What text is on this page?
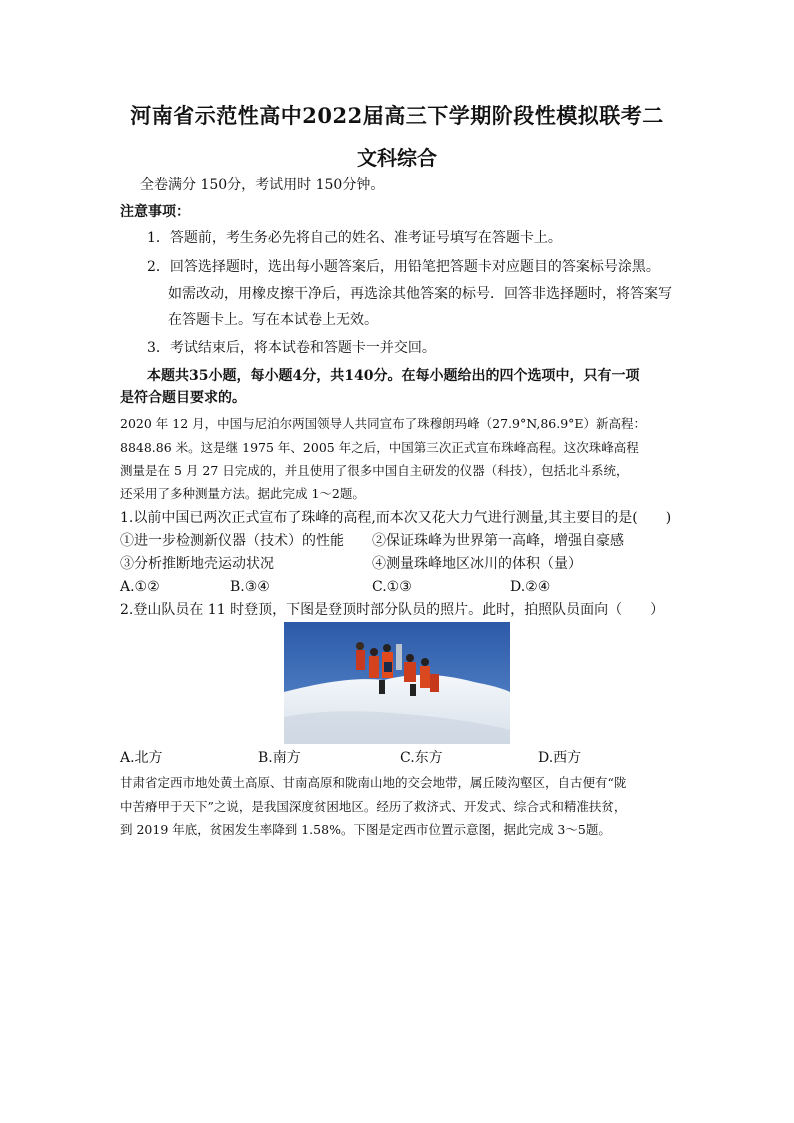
河南省示范性高中2022届高三下学期阶段性模拟联考二
文科综合
全卷满分 150分，考试用时 150分钟。
注意事项：
1．答题前，考生务必先将自己的姓名、准考证号填写在答题卡上。
2．回答选择题时，选出每小题答案后，用铅笔把答题卡对应题目的答案标号涂黑。
如需改动，用橡皮擦干净后，再选涂其他答案的标号．回答非选择题时，将答案写
在答题卡上。写在本试卷上无效。
3．考试结束后，将本试卷和答题卡一并交回。
本题共35小题，每小题4分，共140分。在每小题给出的四个选项中，只有一项
是符合题目要求的。
2020 年 12 月，中国与尼泊尔两国领导人共同宣布了珠穆朗玛峰（27.9°N,86.9°E）新高程：
8848.86 米。这是继 1975 年、2005 年之后，中国第三次正式宣布珠峰高程。这次珠峰高程
测量是在 5 月 27 日完成的，并且使用了很多中国自主研发的仪器（科技），包括北斗系统，
还采用了多种测量方法。据此完成 1～2题。
1.以前中国已两次正式宣布了珠峰的高程,而本次又花大力气进行测量,其主要目的是(　　)
①进一步检测新仪器（技术）的性能 ②保证珠峰为世界第一高峰，增强自豪感
③分析推断地壳运动状况	④测量珠峰地区冰川的体积（量）
A.①②	B.③④	C.①③	D.②④
2.登山队员在 11 时登顶，下图是登顶时部分队员的照片。此时，拍照队员面向（　　）
A.北方	B.南方	C.东方	D.西方
甘肃省定西市地处黄土高原、甘南高原和陇南山地的交会地带，属丘陵沟壑区，自古便有“陇
中苦瘠甲于天下”之说，是我国深度贫困地区。经历了救济式、开发式、综合式和精准扶贫，
到 2019 年底，贫困发生率降到 1.58%。下图是定西市位置示意图，据此完成 3～5题。
